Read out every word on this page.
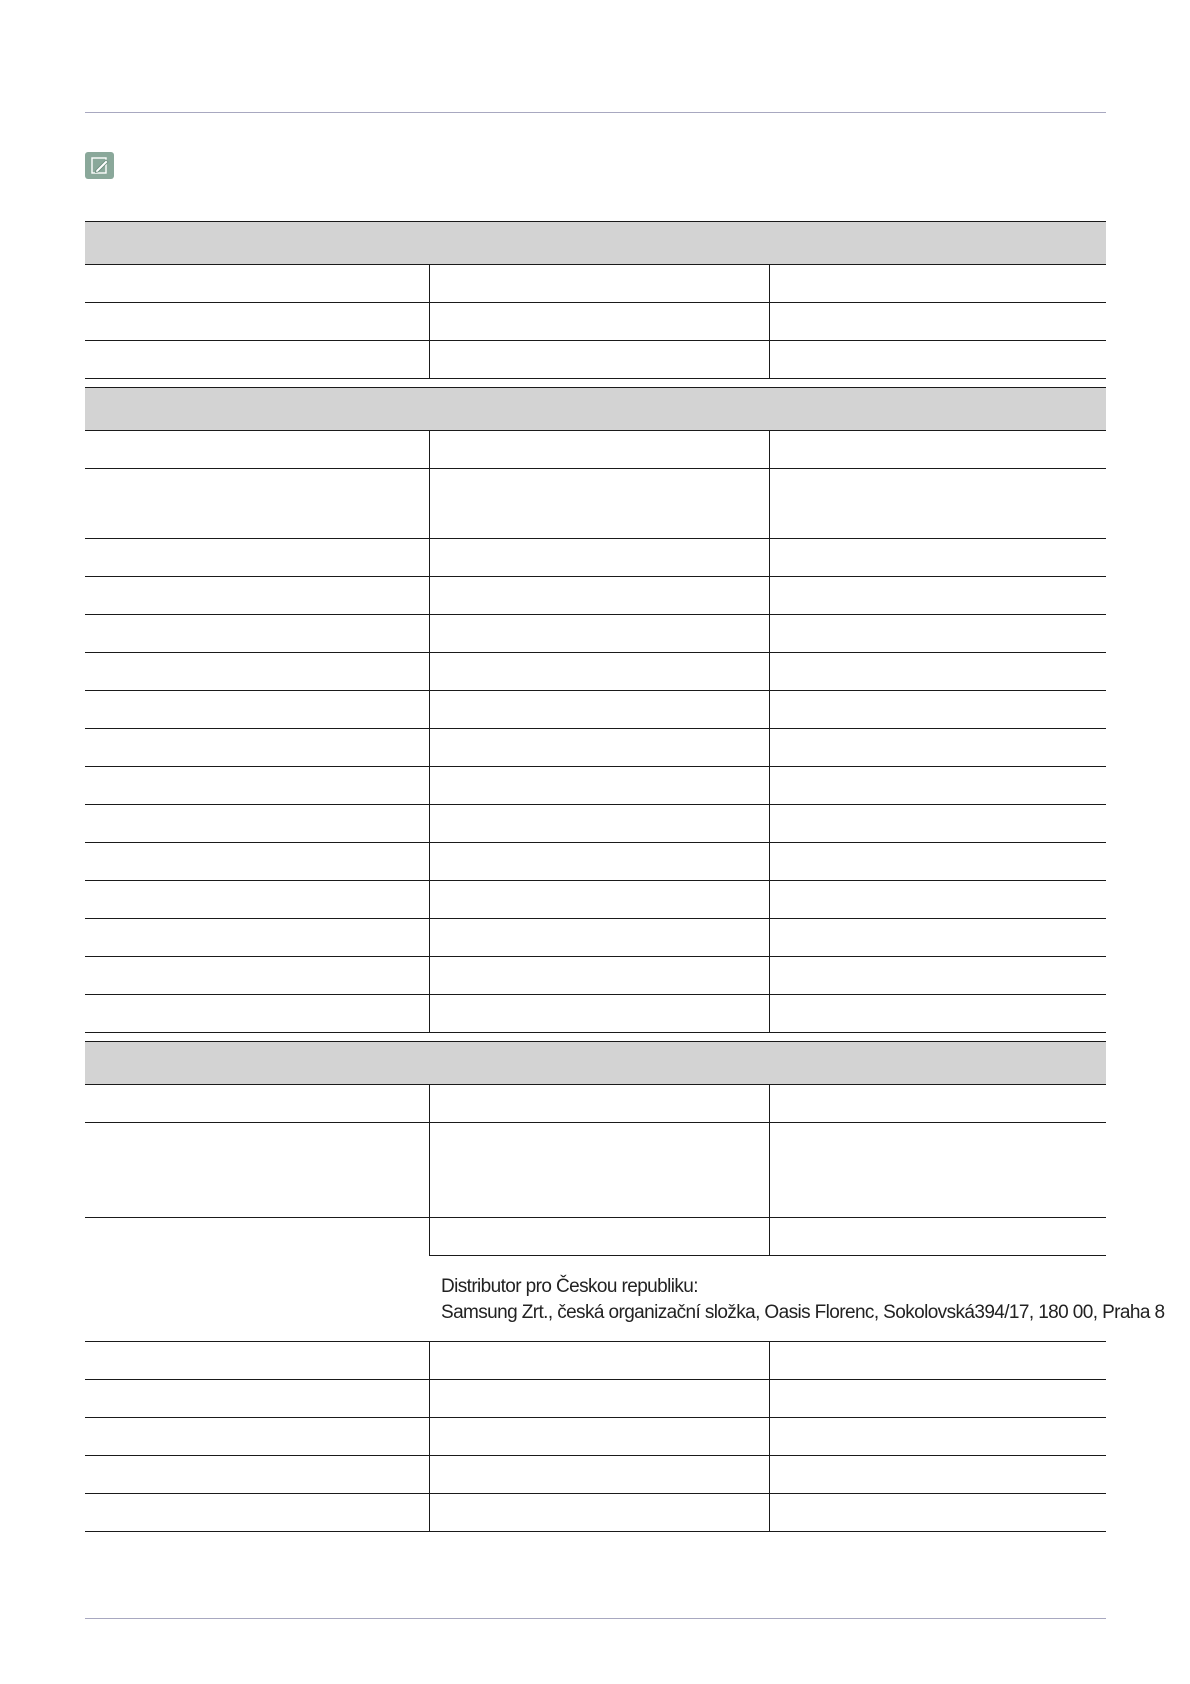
	Distributor pro Českou republiku:
Samsung Zrt., česká organizační složka, Oasis Florenc, Sokolovská394/17, 180 00, Praha 8	
